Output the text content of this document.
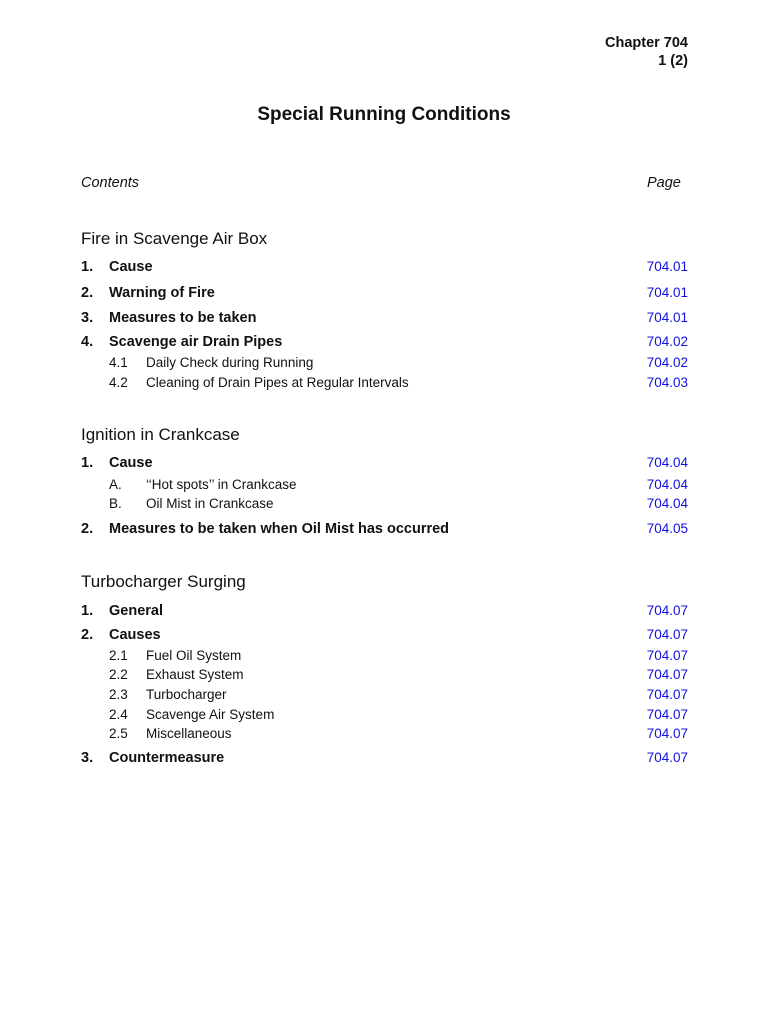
Chapter 704
1 (2)
Special Running Conditions
Contents	Page
Fire in Scavenge Air Box
1. Cause	704.01
2. Warning of Fire	704.01
3. Measures to be taken	704.01
4. Scavenge air Drain Pipes	704.02
4.1 Daily Check during Running	704.02
4.2 Cleaning of Drain Pipes at Regular Intervals	704.03
Ignition in Crankcase
1. Cause	704.04
A. ‘‘Hot spots’’ in Crankcase	704.04
B. Oil Mist in Crankcase	704.04
2. Measures to be taken when Oil Mist has occurred	704.05
Turbocharger Surging
1. General	704.07
2. Causes	704.07
2.1 Fuel Oil System	704.07
2.2 Exhaust System	704.07
2.3 Turbocharger	704.07
2.4 Scavenge Air System	704.07
2.5 Miscellaneous	704.07
3. Countermeasure	704.07
